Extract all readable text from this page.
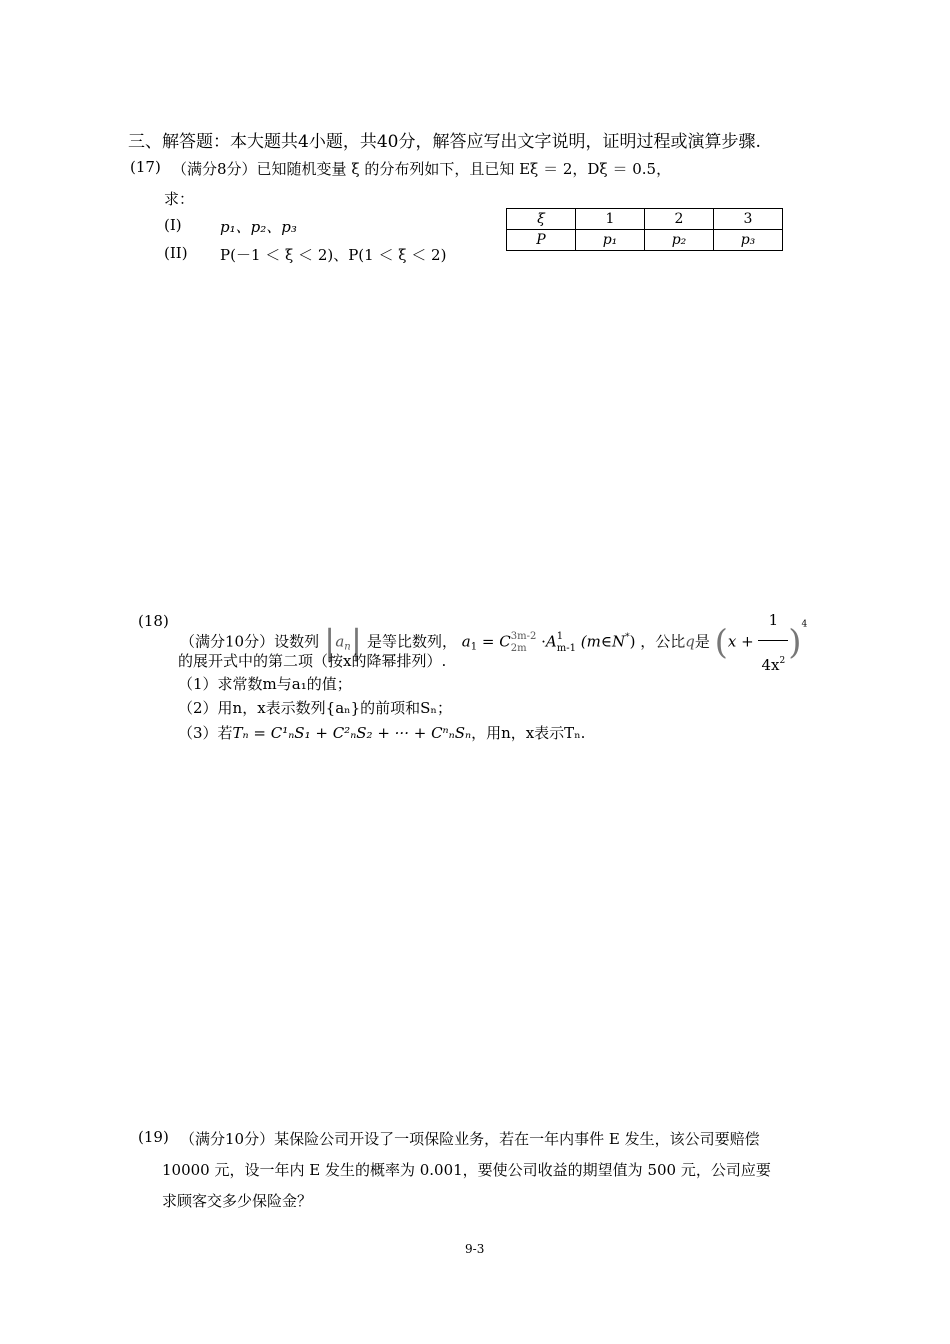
三、解答题：本大题共4小题，共40分，解答应写出文字说明，证明过程或演算步骤.
(17) （满分8分）已知随机变量 ξ 的分布列如下，且已知 Eξ ＝ 2，Dξ ＝ 0.5，
求：
(I)	p₁、p₂、p₃
(II) P(－1 ＜ ξ ＜ 2)、P(1 ＜ ξ ＜ 2)
ξ	1	2	3
P	p₁	p₂	p₃
(18)
（满分10分）设数列 $|a_n|$ 是等比数列， $a_1 = C$ 3m-2
2m ·A 1
m-1 (m∈N*) ，公比q是 $(x + \frac{1}{4x^2} )^4$
的展开式中的第二项（按x的降幂排列）.
（1）求常数m与a₁的值；
（2）用n，x表示数列{aₙ}的前项和Sₙ；
（3）若Tₙ = C¹ₙS₁ + C²ₙS₂ + ··· + CⁿₙSₙ，用n，x表示Tₙ.
(19) （满分10分）某保险公司开设了一项保险业务，若在一年内事件 E 发生，该公司要赔偿
10000 元，设一年内 E 发生的概率为 0.001，要使公司收益的期望值为 500 元，公司应要
求顾客交多少保险金？
9-3
